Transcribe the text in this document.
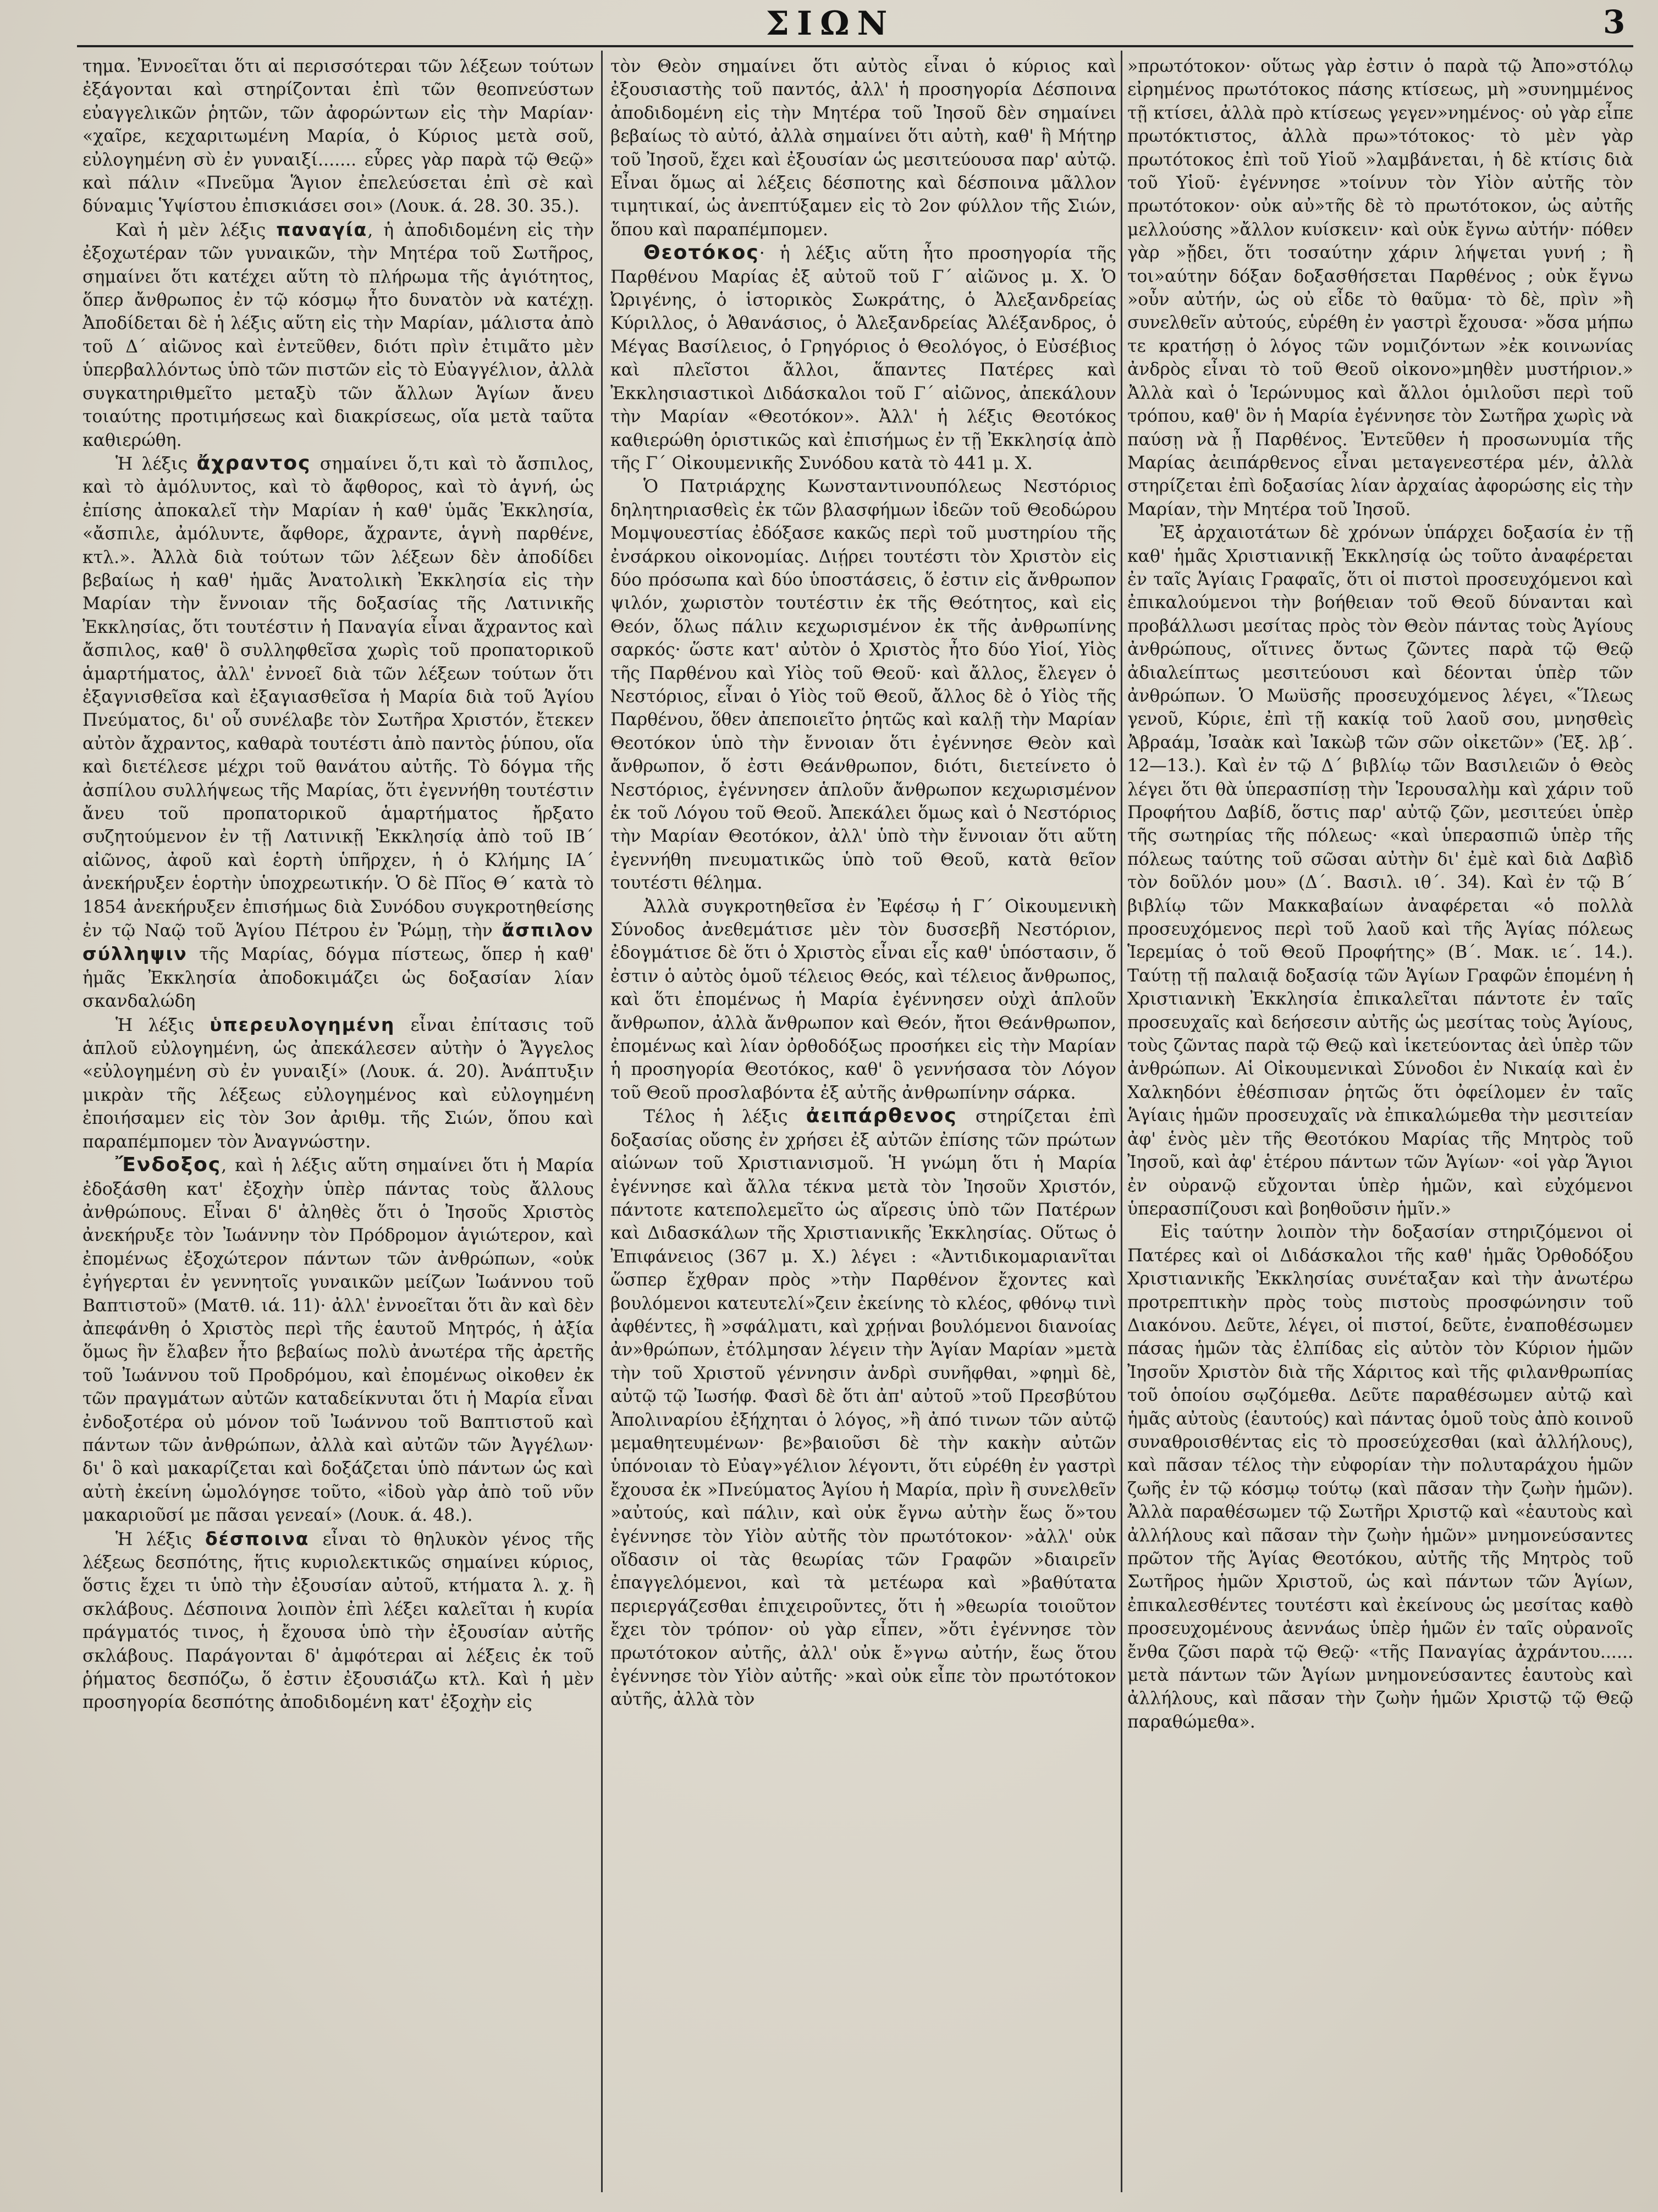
ΣΙΩΝ	3

τημα. Ἐννοεῖται ὅτι αἱ περισσότεραι τῶν λέξεων τούτων ἐξάγονται καὶ στηρίζονται ἐπὶ τῶν θεοπνεύστων εὐαγγελικῶν ῥητῶν, τῶν ἀφορώντων εἰς τὴν Μαρίαν· «χαῖρε, κεχαριτωμένη Μαρία, ὁ Κύριος μετὰ σοῦ, εὐλογημένη σὺ ἐν γυναιξί....... εὗρες γὰρ παρὰ τῷ Θεῷ» καὶ πάλιν «Πνεῦμα Ἅγιον ἐπελεύσεται ἐπὶ σὲ καὶ δύναμις Ὑψίστου ἐπισκιάσει σοι» (Λουκ. ά. 28. 30. 35.).

Καὶ ἡ μὲν λέξις παναγία, ἡ ἀποδιδομένη εἰς τὴν ἐξοχωτέραν τῶν γυναικῶν, τὴν Μητέρα τοῦ Σωτῆρος, σημαίνει ὅτι κατέχει αὕτη τὸ πλήρωμα τῆς ἁγιότητος, ὅπερ ἄνθρωπος ἐν τῷ κόσμῳ ἦτο δυνατὸν νὰ κατέχῃ. Ἀποδίδεται δὲ ἡ λέξις αὕτη εἰς τὴν Μαρίαν, μάλιστα ἀπὸ τοῦ Δ΄ αἰῶνος καὶ ἐντεῦθεν, διότι πρὶν ἐτιμᾶτο μὲν ὑπερβαλλόντως ὑπὸ τῶν πιστῶν εἰς τὸ Εὐαγγέλιον, ἀλλὰ συγκατηριθμεῖτο μεταξὺ τῶν ἄλλων Ἁγίων ἄνευ τοιαύτης προτιμήσεως καὶ διακρίσεως, οἵα μετὰ ταῦτα καθιερώθη.

Ἡ λέξις ἄχραντος σημαίνει ὅ,τι καὶ τὸ ἄσπιλος, καὶ τὸ ἀμόλυντος, καὶ τὸ ἄφθορος, καὶ τὸ ἁγνή, ὡς ἐπίσης ἀποκαλεῖ τὴν Μαρίαν ἡ καθ' ὑμᾶς Ἐκκλησία, «ἄσπιλε, ἀμόλυντε, ἄφθορε, ἄχραντε, ἁγνὴ παρθένε, κτλ.». Ἀλλὰ διὰ τούτων τῶν λέξεων δὲν ἀποδίδει βεβαίως ἡ καθ' ἡμᾶς Ἀνατολικὴ Ἐκκλησία εἰς τὴν Μαρίαν τὴν ἔννοιαν τῆς δοξασίας τῆς Λατινικῆς Ἐκκλησίας, ὅτι τουτέστιν ἡ Παναγία εἶναι ἄχραντος καὶ ἄσπιλος, καθ' ὃ συλληφθεῖσα χωρὶς τοῦ προπατορικοῦ ἁμαρτήματος, ἀλλ' ἐννοεῖ διὰ τῶν λέξεων τούτων ὅτι ἐξαγνισθεῖσα καὶ ἐξαγιασθεῖσα ἡ Μαρία διὰ τοῦ Ἁγίου Πνεύματος, δι' οὗ συνέλαβε τὸν Σωτῆρα Χριστόν, ἔτεκεν αὐτὸν ἄχραντος, καθαρὰ τουτέστι ἀπὸ παντὸς ῥύπου, οἵα καὶ διετέλεσε μέχρι τοῦ θανάτου αὐτῆς. Τὸ δόγμα τῆς ἀσπίλου συλλήψεως τῆς Μαρίας, ὅτι ἐγεννήθη τουτέστιν ἄνευ τοῦ προπατορικοῦ ἁμαρτήματος ἤρξατο συζητούμενον ἐν τῇ Λατινικῇ Ἐκκλησίᾳ ἀπὸ τοῦ ΙΒ΄ αἰῶνος, ἀφοῦ καὶ ἑορτὴ ὑπῆρχεν, ἡ ὁ Κλήμης ΙΑ΄ ἀνεκήρυξεν ἑορτὴν ὑποχρεωτικήν. Ὁ δὲ Πῖος Θ΄ κατὰ τὸ 1854 ἀνεκήρυξεν ἐπισήμως διὰ Συνόδου συγκροτηθείσης ἐν τῷ Ναῷ τοῦ Ἁγίου Πέτρου ἐν Ῥώμῃ, τὴν ἄσπιλον σύλληψιν τῆς Μαρίας, δόγμα πίστεως, ὅπερ ἡ καθ' ἡμᾶς Ἐκκλησία ἀποδοκιμάζει ὡς δοξασίαν λίαν σκανδαλώδη

Ἡ λέξις ὑπερευλογημένη εἶναι ἐπίτασις τοῦ ἁπλοῦ εὐλογημένη, ὡς ἀπεκάλεσεν αὐτὴν ὁ Ἄγγελος «εὐλογημένη σὺ ἐν γυναιξί» (Λουκ. ά. 20). Ἀνάπτυξιν μικρὰν τῆς λέξεως εὐλογημένος καὶ εὐλογημένη ἐποιήσαμεν εἰς τὸν 3ον ἀριθμ. τῆς Σιών, ὅπου καὶ παραπέμπομεν τὸν Ἀναγνώστην.

Ἔνδοξος, καὶ ἡ λέξις αὕτη σημαίνει ὅτι ἡ Μαρία ἐδοξάσθη κατ' ἐξοχὴν ὑπὲρ πάντας τοὺς ἄλλους ἀνθρώπους. Εἶναι δ' ἀληθὲς ὅτι ὁ Ἰησοῦς Χριστὸς ἀνεκήρυξε τὸν Ἰωάννην τὸν Πρόδρομον ἁγιώτερον, καὶ ἐπομένως ἐξοχώτερον πάντων τῶν ἀνθρώπων, «οὐκ ἐγήγερται ἐν γεννητοῖς γυναικῶν μείζων Ἰωάννου τοῦ Βαπτιστοῦ» (Ματθ. ιά. 11)· ἀλλ' ἐννοεῖται ὅτι ἂν καὶ δὲν ἀπεφάνθη ὁ Χριστὸς περὶ τῆς ἑαυτοῦ Μητρός, ἡ ἀξία ὅμως ἣν ἔλαβεν ἦτο βεβαίως πολὺ ἀνωτέρα τῆς ἀρετῆς τοῦ Ἰωάννου τοῦ Προδρόμου, καὶ ἐπομένως οἰκοθεν ἐκ τῶν πραγμάτων αὐτῶν καταδείκνυται ὅτι ἡ Μαρία εἶναι ἐνδοξοτέρα οὐ μόνον τοῦ Ἰωάννου τοῦ Βαπτιστοῦ καὶ πάντων τῶν ἀνθρώπων, ἀλλὰ καὶ αὐτῶν τῶν Ἀγγέλων· δι' ὃ καὶ μακαρίζεται καὶ δοξάζεται ὑπὸ πάντων ὡς καὶ αὐτὴ ἐκείνη ὡμολόγησε τοῦτο, «ἰδοὺ γὰρ ἀπὸ τοῦ νῦν μακαριοῦσί με πᾶσαι γενεαί» (Λουκ. ά. 48.).

Ἡ λέξις δέσποινα εἶναι τὸ θηλυκὸν γένος τῆς λέξεως δεσπότης, ἥτις κυριολεκτικῶς σημαίνει κύριος, ὅστις ἔχει τι ὑπὸ τὴν ἐξουσίαν αὐτοῦ, κτήματα λ. χ. ἢ σκλάβους. Δέσποινα λοιπὸν ἐπὶ λέξει καλεῖται ἡ κυρία πράγματός τινος, ἡ ἔχουσα ὑπὸ τὴν ἐξουσίαν αὐτῆς σκλάβους. Παράγονται δ' ἀμφότεραι αἱ λέξεις ἐκ τοῦ ῥήματος δεσπόζω, ὅ ἐστιν ἐξουσιάζω κτλ. Καὶ ἡ μὲν προσηγορία δεσπότης ἀποδιδομένη κατ' ἐξοχὴν εἰς

τὸν Θεὸν σημαίνει ὅτι αὐτὸς εἶναι ὁ κύριος καὶ ἐξουσιαστὴς τοῦ παντός, ἀλλ' ἡ προσηγορία Δέσποινα ἀποδιδομένη εἰς τὴν Μητέρα τοῦ Ἰησοῦ δὲν σημαίνει βεβαίως τὸ αὐτό, ἀλλὰ σημαίνει ὅτι αὐτὴ, καθ' ἣ Μήτηρ τοῦ Ἰησοῦ, ἔχει καὶ ἐξουσίαν ὡς μεσιτεύουσα παρ' αὐτῷ. Εἶναι ὅμως αἱ λέξεις δέσποτης καὶ δέσποινα μᾶλλον τιμητικαί, ὡς ἀνεπτύξαμεν εἰς τὸ 2ον φύλλον τῆς Σιών, ὅπου καὶ παραπέμπομεν.

Θεοτόκος· ἡ λέξις αὕτη ἦτο προσηγορία τῆς Παρθένου Μαρίας ἐξ αὐτοῦ τοῦ Γ΄ αἰῶνος μ. Χ. Ὁ Ὠριγένης, ὁ ἱστορικὸς Σωκράτης, ὁ Ἀλεξανδρείας Κύριλλος, ὁ Ἀθανάσιος, ὁ Ἀλεξανδρείας Ἀλέξανδρος, ὁ Μέγας Βασίλειος, ὁ Γρηγόριος ὁ Θεολόγος, ὁ Εὐσέβιος καὶ πλεῖστοι ἄλλοι, ἅπαντες Πατέρες καὶ Ἐκκλησιαστικοὶ Διδάσκαλοι τοῦ Γ΄ αἰῶνος, ἀπεκάλουν τὴν Μαρίαν «Θεοτόκον». Ἀλλ' ἡ λέξις Θεοτόκος καθιερώθη ὁριστικῶς καὶ ἐπισήμως ἐν τῇ Ἐκκλησίᾳ ἀπὸ τῆς Γ΄ Οἰκουμενικῆς Συνόδου κατὰ τὸ 441 μ. Χ.

Ὁ Πατριάρχης Κωνσταντινουπόλεως Νεστόριος δηλητηριασθεὶς ἐκ τῶν βλασφήμων ἰδεῶν τοῦ Θεοδώρου Μομψουεστίας ἐδόξασε κακῶς περὶ τοῦ μυστηρίου τῆς ἐνσάρκου οἰκονομίας. Διῄρει τουτέστι τὸν Χριστὸν εἰς δύο πρόσωπα καὶ δύο ὑποστάσεις, ὅ ἐστιν εἰς ἄνθρωπον ψιλόν, χωριστὸν τουτέστιν ἐκ τῆς Θεότητος, καὶ εἰς Θεόν, ὅλως πάλιν κεχωρισμένον ἐκ τῆς ἀνθρωπίνης σαρκός· ὥστε κατ' αὐτὸν ὁ Χριστὸς ἦτο δύο Υἱοί, Υἱὸς τῆς Παρθένου καὶ Υἱὸς τοῦ Θεοῦ· καὶ ἄλλος, ἔλεγεν ὁ Νεστόριος, εἶναι ὁ Υἱὸς τοῦ Θεοῦ, ἄλλος δὲ ὁ Υἱὸς τῆς Παρθένου, ὅθεν ἀπεποιεῖτο ῥητῶς καὶ καλῇ τὴν Μαρίαν Θεοτόκον ὑπὸ τὴν ἔννοιαν ὅτι ἐγέννησε Θεὸν καὶ ἄνθρωπον, ὅ ἐστι Θεάνθρωπον, διότι, διετείνετο ὁ Νεστόριος, ἐγέννησεν ἁπλοῦν ἄνθρωπον κεχωρισμένον ἐκ τοῦ Λόγου τοῦ Θεοῦ. Ἀπεκάλει ὅμως καὶ ὁ Νεστόριος τὴν Μαρίαν Θεοτόκον, ἀλλ' ὑπὸ τὴν ἔννοιαν ὅτι αὕτη ἐγεννήθη πνευματικῶς ὑπὸ τοῦ Θεοῦ, κατὰ θεῖον τουτέστι θέλημα.

Ἀλλὰ συγκροτηθεῖσα ἐν Ἐφέσῳ ἡ Γ΄ Οἰκουμενικὴ Σύνοδος ἀνεθεμάτισε μὲν τὸν δυσσεβῆ Νεστόριον, ἐδογμάτισε δὲ ὅτι ὁ Χριστὸς εἶναι εἷς καθ' ὑπόστασιν, ὅ ἐστιν ὁ αὐτὸς ὁμοῦ τέλειος Θεός, καὶ τέλειος ἄνθρωπος, καὶ ὅτι ἐπομένως ἡ Μαρία ἐγέννησεν οὐχὶ ἁπλοῦν ἄνθρωπον, ἀλλὰ ἄνθρωπον καὶ Θεόν, ἤτοι Θεάνθρωπον, ἐπομένως καὶ λίαν ὀρθοδόξως προσήκει εἰς τὴν Μαρίαν ἡ προσηγορία Θεοτόκος, καθ' ὃ γεννήσασα τὸν Λόγον τοῦ Θεοῦ προσλαβόντα ἐξ αὐτῆς ἀνθρωπίνην σάρκα.

Τέλος ἡ λέξις ἀειπάρθενος στηρίζεται ἐπὶ δοξασίας οὔσης ἐν χρήσει ἐξ αὐτῶν ἐπίσης τῶν πρώτων αἰώνων τοῦ Χριστιανισμοῦ. Ἡ γνώμη ὅτι ἡ Μαρία ἐγέννησε καὶ ἄλλα τέκνα μετὰ τὸν Ἰησοῦν Χριστόν, πάντοτε κατεπολεμεῖτο ὡς αἵρεσις ὑπὸ τῶν Πατέρων καὶ Διδασκάλων τῆς Χριστιανικῆς Ἐκκλησίας. Οὕτως ὁ Ἐπιφάνειος (367 μ. Χ.) λέγει : «Ἀντιδικομαριανῖται ὥσπερ ἔχθραν πρὸς »τὴν Παρθένον ἔχοντες καὶ βουλόμενοι κατευτελί»ζειν ἐκείνης τὸ κλέος, φθόνῳ τινὶ ἀφθέντες, ἢ »σφάλματι, καὶ χρῄναι βουλόμενοι διανοίας ἀν»θρώπων, ἐτόλμησαν λέγειν τὴν Ἁγίαν Μαρίαν »μετὰ τὴν τοῦ Χριστοῦ γέννησιν ἀνδρὶ συνῆφθαι, »φημὶ δὲ, αὐτῷ τῷ Ἰωσήφ. Φασὶ δὲ ὅτι ἀπ' αὐτοῦ »τοῦ Πρεσβύτου Ἀπολιναρίου ἐξήχηται ὁ λόγος, »ἢ ἀπό τινων τῶν αὐτῷ μεμαθητευμένων· βε»βαιοῦσι δὲ τὴν κακὴν αὐτῶν ὑπόνοιαν τὸ Εὐαγ»γέλιον λέγοντι, ὅτι εὑρέθη ἐν γαστρὶ ἔχουσα ἐκ »Πνεύματος Ἁγίου ἡ Μαρία, πρὶν ἢ συνελθεῖν »αὐτούς, καὶ πάλιν, καὶ οὐκ ἔγνω αὐτὴν ἕως ὅ»του ἐγέννησε τὸν Υἱὸν αὐτῆς τὸν πρωτότοκον· »ἀλλ' οὐκ οἴδασιν οἱ τὰς θεωρίας τῶν Γραφῶν »διαιρεῖν ἐπαγγελόμενοι, καὶ τὰ μετέωρα καὶ »βαθύτατα περιεργάζεσθαι ἐπιχειροῦντες, ὅτι ἡ »θεωρία τοιοῦτον ἔχει τὸν τρόπον· οὐ γὰρ εἶπεν, »ὅτι ἐγέννησε τὸν πρωτότοκον αὐτῆς, ἀλλ' οὐκ ἔ»γνω αὐτήν, ἕως ὅτου ἐγέννησε τὸν Υἱὸν αὐτῆς· »καὶ οὐκ εἶπε τὸν πρωτότοκον αὐτῆς, ἀλλὰ τὸν

»πρωτότοκον· οὕτως γὰρ ἐστιν ὁ παρὰ τῷ Ἀπο»στόλῳ εἰρημένος πρωτότοκος πάσης κτίσεως, μὴ »συνημμένος τῇ κτίσει, ἀλλὰ πρὸ κτίσεως γεγεν»νημένος· οὐ γὰρ εἶπε πρωτόκτιστος, ἀλλὰ πρω»τότοκος· τὸ μὲν γὰρ πρωτότοκος ἐπὶ τοῦ Υἱοῦ »λαμβάνεται, ἡ δὲ κτίσις διὰ τοῦ Υἱοῦ· ἐγέννησε »τοίνυν τὸν Υἱὸν αὐτῆς τὸν πρωτότοκον· οὐκ αὐ»τῆς δὲ τὸ πρωτότοκον, ὡς αὐτῆς μελλούσης »ἄλλον κυίσκειν· καὶ οὐκ ἔγνω αὐτήν· πόθεν γὰρ »ᾔδει, ὅτι τοσαύτην χάριν λήψεται γυνή ; ἢ τοι»αύτην δόξαν δοξασθήσεται Παρθένος ; οὐκ ἔγνω »οὖν αὐτήν, ὡς οὐ εἶδε τὸ θαῦμα· τὸ δὲ, πρὶν »ἢ συνελθεῖν αὐτούς, εὑρέθη ἐν γαστρὶ ἔχουσα· »ὅσα μήπω τε κρατήσῃ ὁ λόγος τῶν νομιζόντων »ἐκ κοινωνίας ἀνδρὸς εἶναι τὸ τοῦ Θεοῦ οἰκονο»μηθὲν μυστήριον.» Ἀλλὰ καὶ ὁ Ἱερώνυμος καὶ ἄλλοι ὁμιλοῦσι περὶ τοῦ τρόπου, καθ' ὃν ἡ Μαρία ἐγέννησε τὸν Σωτῆρα χωρὶς νὰ παύσῃ νὰ ᾖ Παρθένος. Ἐντεῦθεν ἡ προσωνυμία τῆς Μαρίας ἀειπάρθενος εἶναι μεταγενεστέρα μέν, ἀλλὰ στηρίζεται ἐπὶ δοξασίας λίαν ἀρχαίας ἀφορώσης εἰς τὴν Μαρίαν, τὴν Μητέρα τοῦ Ἰησοῦ.

Ἐξ ἀρχαιοτάτων δὲ χρόνων ὑπάρχει δοξασία ἐν τῇ καθ' ἡμᾶς Χριστιανικῇ Ἐκκλησίᾳ ὡς τοῦτο ἀναφέρεται ἐν ταῖς Ἁγίαις Γραφαῖς, ὅτι οἱ πιστοὶ προσευχόμενοι καὶ ἐπικαλούμενοι τὴν βοήθειαν τοῦ Θεοῦ δύνανται καὶ προβάλλωσι μεσίτας πρὸς τὸν Θεὸν πάντας τοὺς Ἁγίους ἀνθρώπους, οἵτινες ὄντως ζῶντες παρὰ τῷ Θεῷ ἀδιαλείπτως μεσιτεύουσι καὶ δέονται ὑπὲρ τῶν ἀνθρώπων. Ὁ Μωϋσῆς προσευχόμενος λέγει, «Ἵλεως γενοῦ, Κύριε, ἐπὶ τῇ κακίᾳ τοῦ λαοῦ σου, μνησθεὶς Ἀβραάμ, Ἰσαὰκ καὶ Ἰακὼβ τῶν σῶν οἰκετῶν» (Ἐξ. λβ΄. 12—13.). Καὶ ἐν τῷ Δ΄ βιβλίῳ τῶν Βασιλειῶν ὁ Θεὸς λέγει ὅτι θὰ ὑπερασπίσῃ τὴν Ἱερουσαλὴμ καὶ χάριν τοῦ Προφήτου Δαβίδ, ὅστις παρ' αὐτῷ ζῶν, μεσιτεύει ὑπὲρ τῆς σωτηρίας τῆς πόλεως· «καὶ ὑπερασπιῶ ὑπὲρ τῆς πόλεως ταύτης τοῦ σῶσαι αὐτὴν δι' ἐμὲ καὶ διὰ Δαβὶδ τὸν δοῦλόν μου» (Δ΄. Βασιλ. ιθ΄. 34). Καὶ ἐν τῷ Β΄ βιβλίῳ τῶν Μακκαβαίων ἀναφέρεται «ὁ πολλὰ προσευχόμενος περὶ τοῦ λαοῦ καὶ τῆς Ἁγίας πόλεως Ἱερεμίας ὁ τοῦ Θεοῦ Προφήτης» (Β΄. Μακ. ιε΄. 14.). Ταύτῃ τῇ παλαιᾷ δοξασίᾳ τῶν Ἁγίων Γραφῶν ἑπομένη ἡ Χριστιανικὴ Ἐκκλησία ἐπικαλεῖται πάντοτε ἐν ταῖς προσευχαῖς καὶ δεήσεσιν αὐτῆς ὡς μεσίτας τοὺς Ἁγίους, τοὺς ζῶντας παρὰ τῷ Θεῷ καὶ ἱκετεύοντας ἀεὶ ὑπὲρ τῶν ἀνθρώπων. Αἱ Οἰκουμενικαὶ Σύνοδοι ἐν Νικαίᾳ καὶ ἐν Χαλκηδόνι ἐθέσπισαν ῥητῶς ὅτι ὀφείλομεν ἐν ταῖς Ἁγίαις ἡμῶν προσευχαῖς νὰ ἐπικαλώμεθα τὴν μεσιτείαν ἀφ' ἑνὸς μὲν τῆς Θεοτόκου Μαρίας τῆς Μητρὸς τοῦ Ἰησοῦ, καὶ ἀφ' ἑτέρου πάντων τῶν Ἁγίων· «οἱ γὰρ Ἅγιοι ἐν οὐρανῷ εὔχονται ὑπὲρ ἡμῶν, καὶ εὐχόμενοι ὑπερασπίζουσι καὶ βοηθοῦσιν ἡμῖν.»

Εἰς ταύτην λοιπὸν τὴν δοξασίαν στηριζόμενοι οἱ Πατέρες καὶ οἱ Διδάσκαλοι τῆς καθ' ἡμᾶς Ὀρθοδόξου Χριστιανικῆς Ἐκκλησίας συνέταξαν καὶ τὴν ἀνωτέρω προτρεπτικὴν πρὸς τοὺς πιστοὺς προσφώνησιν τοῦ Διακόνου. Δεῦτε, λέγει, οἱ πιστοί, δεῦτε, ἐναποθέσωμεν πάσας ἡμῶν τὰς ἐλπίδας εἰς αὐτὸν τὸν Κύριον ἡμῶν Ἰησοῦν Χριστὸν διὰ τῆς Χάριτος καὶ τῆς φιλανθρωπίας τοῦ ὁποίου σῳζόμεθα. Δεῦτε παραθέσωμεν αὐτῷ καὶ ἡμᾶς αὐτοὺς (ἑαυτούς) καὶ πάντας ὁμοῦ τοὺς ἀπὸ κοινοῦ συναθροισθέντας εἰς τὸ προσεύχεσθαι (καὶ ἀλλήλους), καὶ πᾶσαν τέλος τὴν εὐφορίαν τὴν πολυταράχου ἡμῶν ζωῆς ἐν τῷ κόσμῳ τούτῳ (καὶ πᾶσαν τὴν ζωὴν ἡμῶν). Ἀλλὰ παραθέσωμεν τῷ Σωτῆρι Χριστῷ καὶ «ἑαυτοὺς καὶ ἀλλήλους καὶ πᾶσαν τὴν ζωὴν ἡμῶν» μνημονεύσαντες πρῶτον τῆς Ἁγίας Θεοτόκου, αὐτῆς τῆς Μητρὸς τοῦ Σωτῆρος ἡμῶν Χριστοῦ, ὡς καὶ πάντων τῶν Ἁγίων, ἐπικαλεσθέντες τουτέστι καὶ ἐκείνους ὡς μεσίτας καθὸ προσευχομένους ἀεννάως ὑπὲρ ἡμῶν ἐν ταῖς οὐρανοῖς ἔνθα ζῶσι παρὰ τῷ Θεῷ· «τῆς Παναγίας ἀχράντου...... μετὰ πάντων τῶν Ἁγίων μνημονεύσαντες ἑαυτοὺς καὶ ἀλλήλους, καὶ πᾶσαν τὴν ζωὴν ἡμῶν Χριστῷ τῷ Θεῷ παραθώμεθα».
